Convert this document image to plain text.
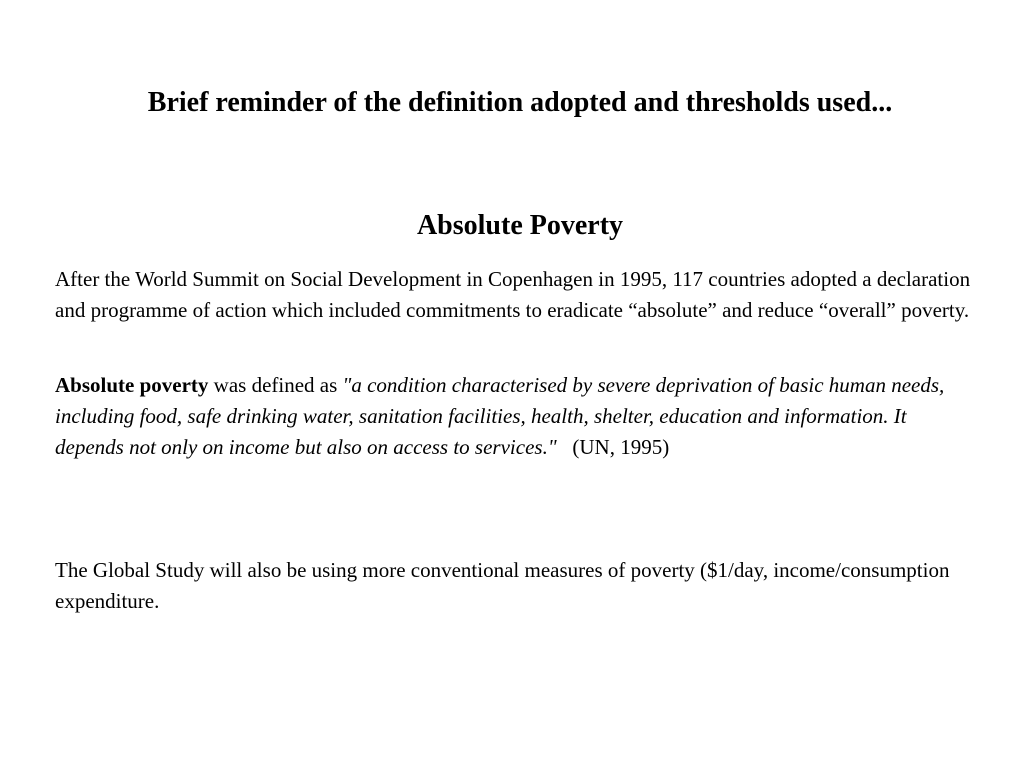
Brief reminder of the definition adopted and thresholds used...
Absolute Poverty

After the World Summit on Social Development in Copenhagen in 1995, 117 countries adopted a declaration and programme of action which included commitments to eradicate “absolute” and reduce “overall” poverty.

Absolute poverty was defined as "a condition characterised by severe deprivation of basic human needs, including food, safe drinking water, sanitation facilities, health, shelter, education and information. It depends not only on income but also on access to services."   (UN, 1995)

The Global Study will also be using more conventional measures of poverty ($1/day, income/consumption expenditure.
